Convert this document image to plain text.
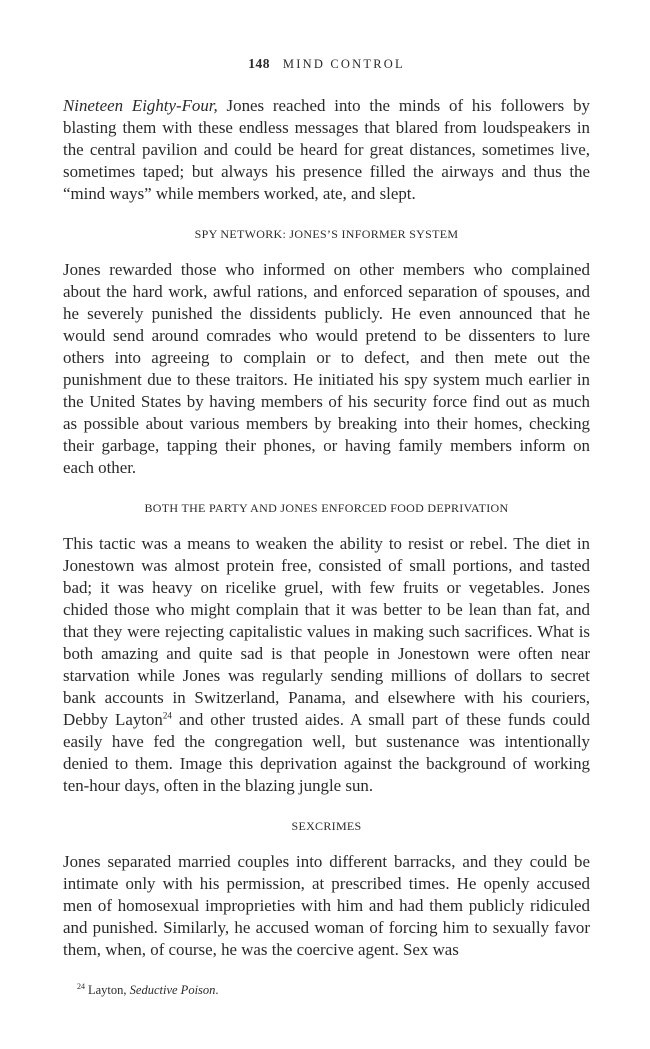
148 MIND CONTROL

Nineteen Eighty-Four, Jones reached into the minds of his followers by blasting them with these endless messages that blared from loudspeakers in the central pavilion and could be heard for great distances, sometimes live, sometimes taped; but always his presence filled the airways and thus the “mind ways” while members worked, ate, and slept.

SPY NETWORK: JONES’S INFORMER SYSTEM

Jones rewarded those who informed on other members who complained about the hard work, awful rations, and enforced separation of spouses, and he severely punished the dissidents publicly. He even announced that he would send around comrades who would pretend to be dissenters to lure others into agreeing to complain or to defect, and then mete out the punishment due to these traitors. He initiated his spy system much earlier in the United States by having members of his security force find out as much as possible about various members by breaking into their homes, checking their garbage, tapping their phones, or having family members inform on each other.

BOTH THE PARTY AND JONES ENFORCED FOOD DEPRIVATION

This tactic was a means to weaken the ability to resist or rebel. The diet in Jonestown was almost protein free, consisted of small portions, and tasted bad; it was heavy on ricelike gruel, with few fruits or vegetables. Jones chided those who might complain that it was better to be lean than fat, and that they were rejecting capitalistic values in making such sacrifices. What is both amazing and quite sad is that people in Jonestown were often near starvation while Jones was regularly sending millions of dollars to secret bank accounts in Switzerland, Panama, and elsewhere with his couriers, Debby Layton$^{24}$ and other trusted aides. A small part of these funds could easily have fed the congregation well, but sustenance was intentionally denied to them. Image this deprivation against the background of working ten-hour days, often in the blazing jungle sun.

SEXCRIMES

Jones separated married couples into different barracks, and they could be intimate only with his permission, at prescribed times. He openly accused men of homosexual improprieties with him and had them publicly ridiculed and punished. Similarly, he accused woman of forcing him to sexually favor them, when, of course, he was the coercive agent. Sex was

$^{24}$ Layton, Seductive Poison.
